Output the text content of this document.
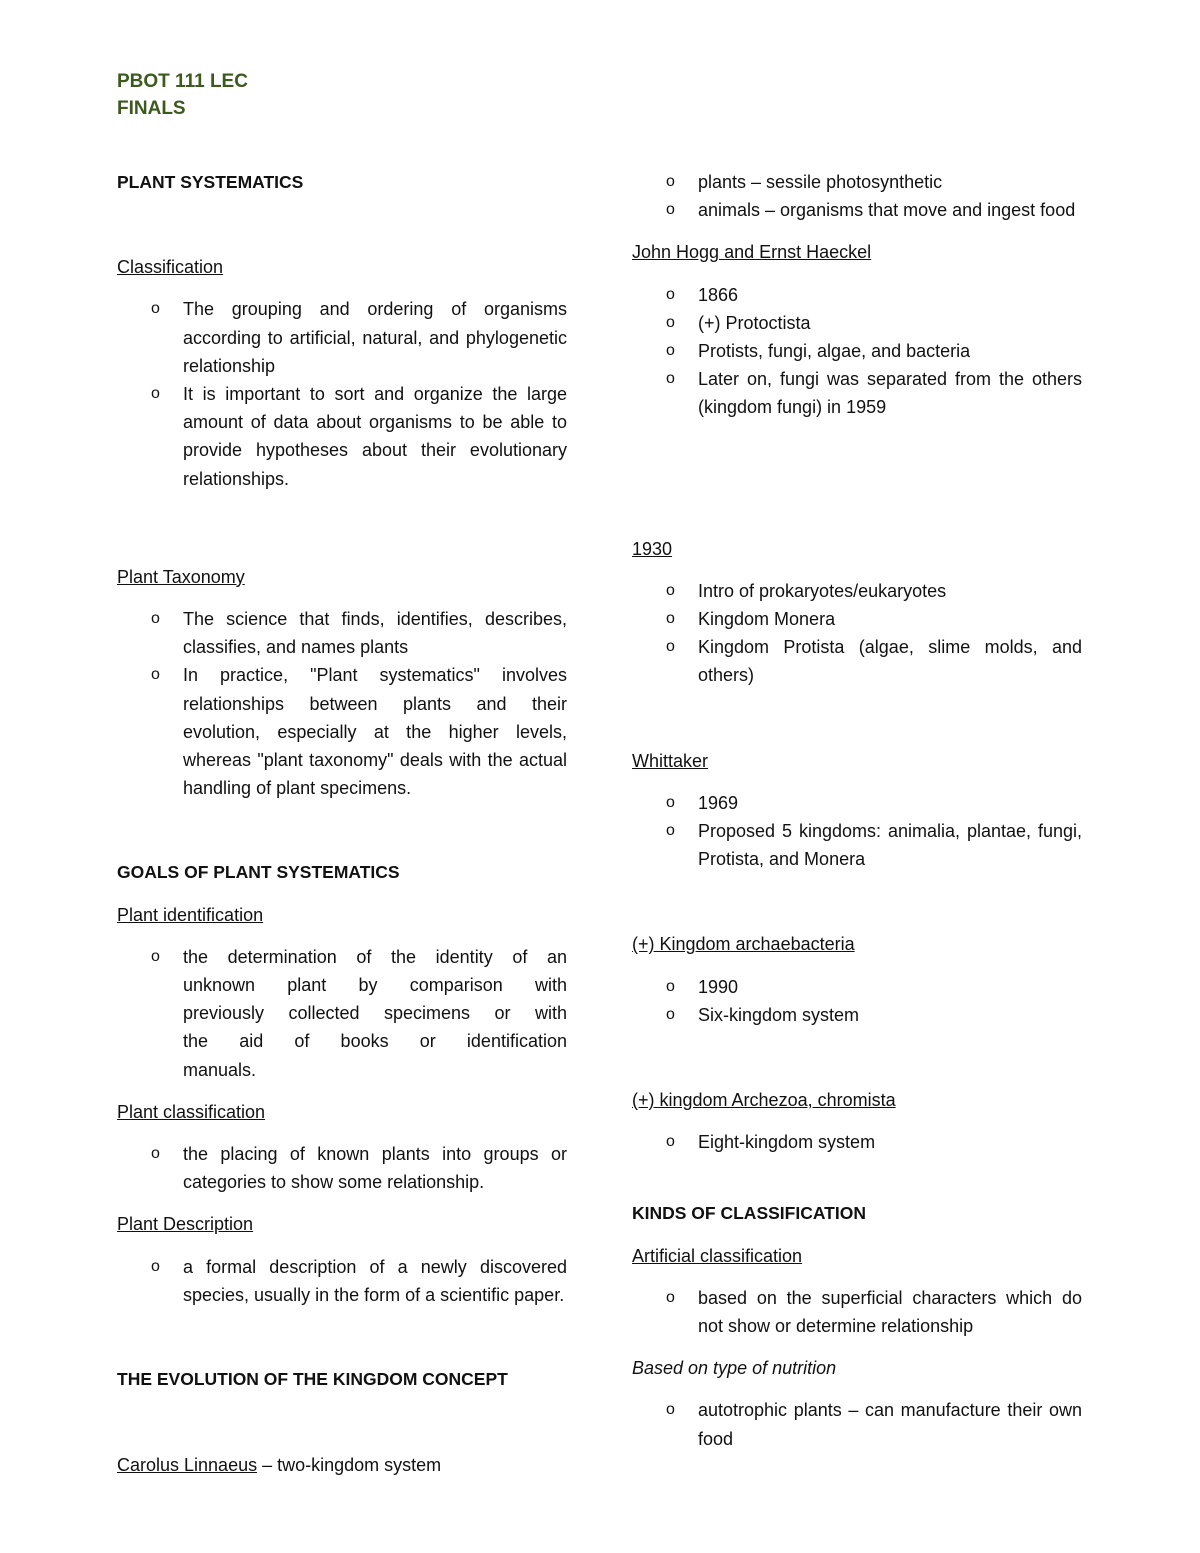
PBOT 111 LEC
FINALS
PLANT SYSTEMATICS
Classification
o The grouping and ordering of organisms according to artificial, natural, and phylogenetic relationship
o It is important to sort and organize the large amount of data about organisms to be able to provide hypotheses about their evolutionary relationships.
Plant Taxonomy
o The science that finds, identifies, describes, classifies, and names plants
o In practice, "Plant systematics" involves relationships between plants and their evolution, especially at the higher levels, whereas "plant taxonomy" deals with the actual handling of plant specimens.
GOALS OF PLANT SYSTEMATICS
Plant identification
o the determination of the identity of an unknown plant by comparison with previously collected specimens or with the aid of books or identification manuals.
Plant classification
o the placing of known plants into groups or categories to show some relationship.
Plant Description
o a formal description of a newly discovered species, usually in the form of a scientific paper.
THE EVOLUTION OF THE KINGDOM CONCEPT
Carolus Linnaeus – two-kingdom system
o plants – sessile photosynthetic
o animals – organisms that move and ingest food
John Hogg and Ernst Haeckel
o 1866
o (+) Protoctista
o Protists, fungi, algae, and bacteria
o Later on, fungi was separated from the others (kingdom fungi) in 1959
1930
o Intro of prokaryotes/eukaryotes
o Kingdom Monera
o Kingdom Protista (algae, slime molds, and others)
Whittaker
o 1969
o Proposed 5 kingdoms: animalia, plantae, fungi, Protista, and Monera
(+) Kingdom archaebacteria
o 1990
o Six-kingdom system
(+) kingdom Archezoa, chromista
o Eight-kingdom system
KINDS OF CLASSIFICATION
Artificial classification
o based on the superficial characters which do not show or determine relationship
Based on type of nutrition
o autotrophic plants – can manufacture their own food
